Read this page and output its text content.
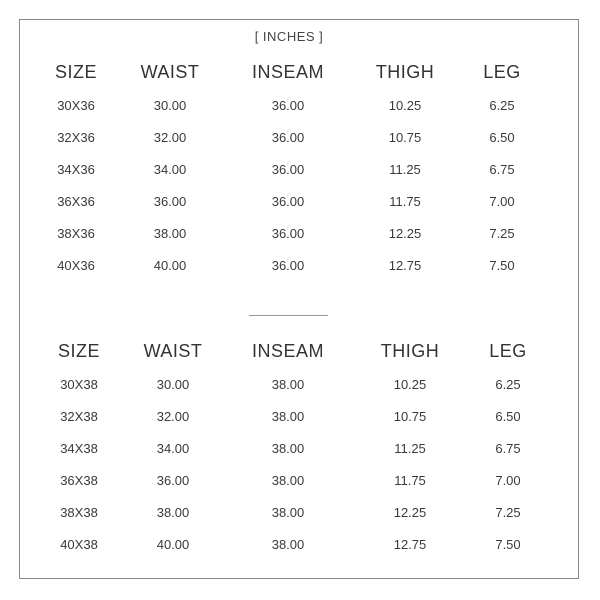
[ INCHES ]
SIZE WAIST	INSEAM	THIGH	LEG
30X36	30.00	36.00	10.25	6.25
32X36	32.00	36.00	10.75	6.50
34X36	34.00	36.00	11.25	6.75
36X36	36.00	36.00	11.75	7.00
38X36	38.00	36.00	12.25	7.25
40X36	40.00	36.00	12.75	7.50
SIZE WAIST	INSEAM	THIGH	LEG
30X38	30.00	38.00	10.25	6.25
32X38	32.00	38.00	10.75	6.50
34X38	34.00	38.00	11.25	6.75
36X38	36.00	38.00	11.75	7.00
38X38	38.00	38.00	12.25	7.25
40X38	40.00	38.00	12.75	7.50
